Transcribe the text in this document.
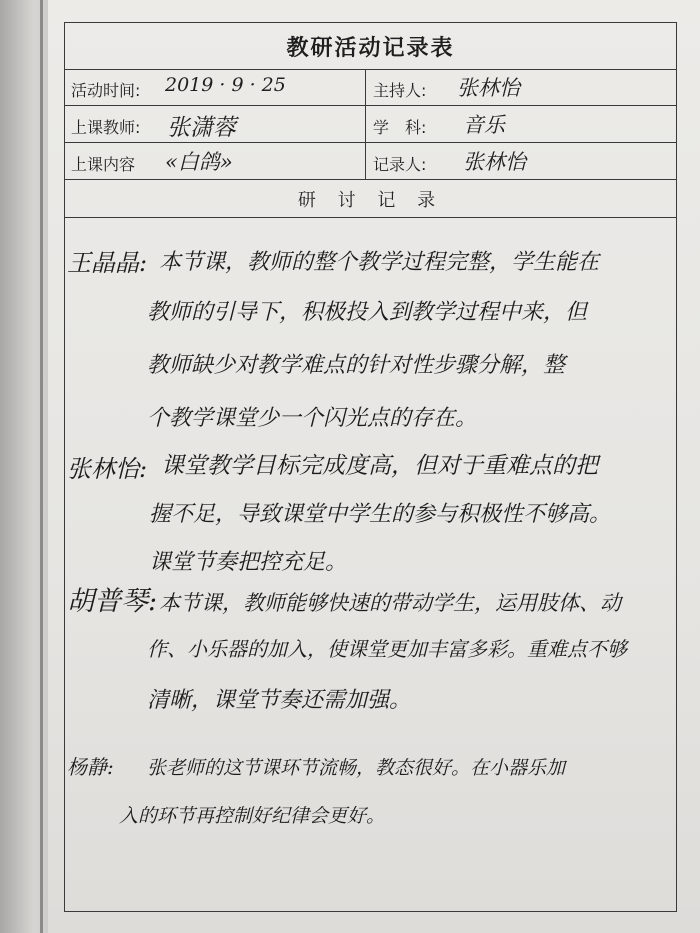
教研活动记录表
活动时间: 2019 · 9 · 25	主持人: 张林怡
上课教师: 张潇蓉	学　科: 音乐
上课内容 «白鸽»	记录人: 张林怡
研 讨 记 录
王晶晶: 本节课，教师的整个教学过程完整，学生能在
教师的引导下，积极投入到教学过程中来，但
教师缺少对教学难点的针对性步骤分解，整
个教学课堂少一个闪光点的存在。
张林怡: 课堂教学目标完成度高，但对于重难点的把
握不足，导致课堂中学生的参与积极性不够高。
课堂节奏把控充足。
胡普琴: 本节课，教师能够快速的带动学生，运用肢体、动
作、小乐器的加入，使课堂更加丰富多彩。重难点不够
清晰，课堂节奏还需加强。
杨静: 张老师的这节课环节流畅，教态很好。在小器乐加
入的环节再控制好纪律会更好。
